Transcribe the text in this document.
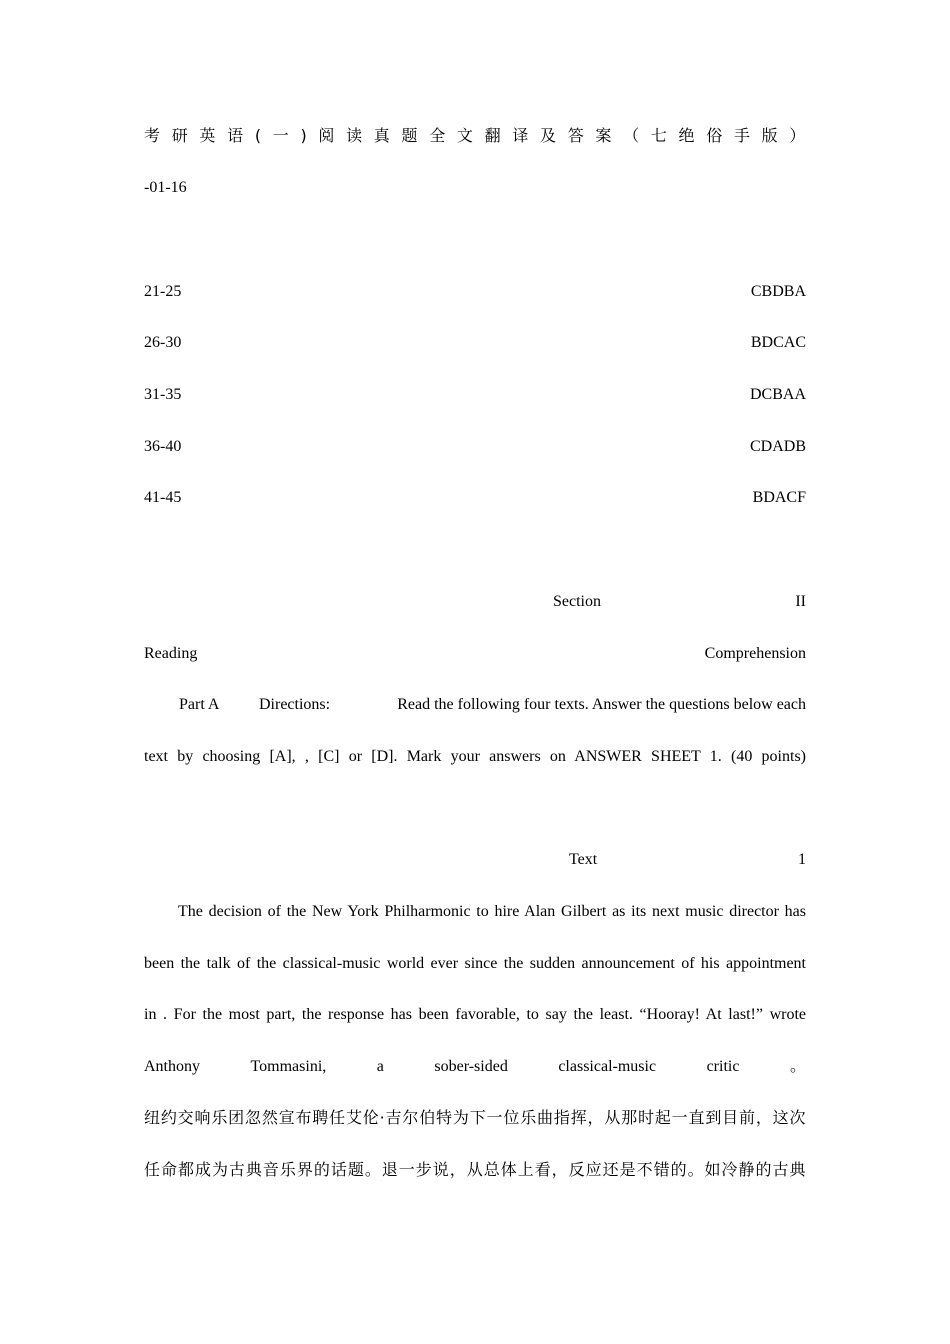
考 研 英 语 ( 一 ) 阅 读 真 题 全 文 翻 译 及 答 案 （ 七 绝 俗 手 版 ）
-01-16
21-25	CBDBA
26-30	BDCAC
31-35	DCBAA
36-40	CDADB
41-45	BDACF
Section	II
Reading	Comprehension
Part A Directions:	Read the following four texts. Answer the questions below each
text by choosing [A], , [C] or [D]. Mark your answers on ANSWER SHEET 1. (40 points)
Text	1
The decision of the New York Philharmonic to hire Alan Gilbert as its next music director has
been the talk of the classical-music world ever since the sudden announcement of his appointment
in . For the most part, the response has been favorable, to say the least. “Hooray! At last!” wrote
Anthony	Tommasini,	a	sober-sided	classical-music	critic	。
纽约交响乐团忽然宣布聘任艾伦·吉尔伯特为下一位乐曲指挥，从那时起一直到目前，这次
任命都成为古典音乐界的话题。退一步说，从总体上看，反应还是不错的。如冷静的古典
